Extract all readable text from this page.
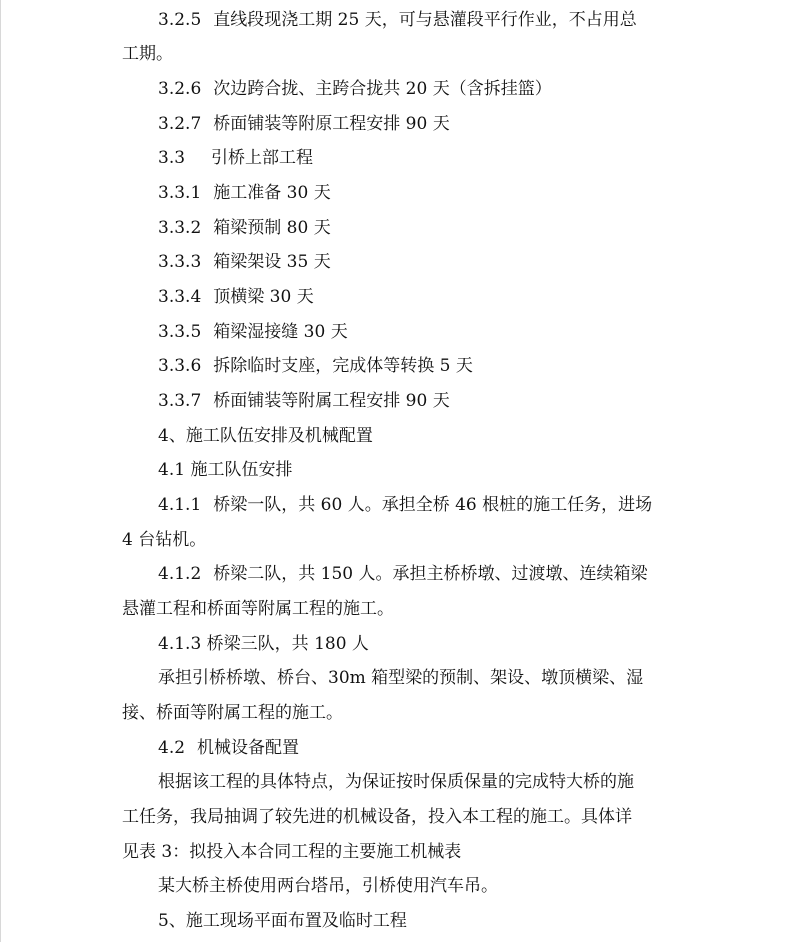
3.2.5 直线段现浇工期 25 天，可与悬灌段平行作业，不占用总
工期。
3.2.6 次边跨合拢、主跨合拢共 20 天（含拆挂篮）
3.2.7 桥面铺装等附原工程安排 90 天
3.3 引桥上部工程
3.3.1 施工准备 30 天
3.3.2 箱梁预制 80 天
3.3.3 箱梁架设 35 天
3.3.4 顶横梁 30 天
3.3.5 箱梁湿接缝 30 天
3.3.6 拆除临时支座，完成体等转换 5 天
3.3.7 桥面铺装等附属工程安排 90 天
4、施工队伍安排及机械配置
4.1 施工队伍安排
4.1.1 桥梁一队，共 60 人。承担全桥 46 根桩的施工任务，进场
4 台钻机。
4.1.2 桥梁二队，共 150 人。承担主桥桥墩、过渡墩、连续箱梁
悬灌工程和桥面等附属工程的施工。
4.1.3 桥梁三队，共 180 人
承担引桥桥墩、桥台、30m 箱型梁的预制、架设、墩顶横梁、湿
接、桥面等附属工程的施工。
4.2 机械设备配置
根据该工程的具体特点，为保证按时保质保量的完成特大桥的施
工任务，我局抽调了较先进的机械设备，投入本工程的施工。具体详
见表 3：拟投入本合同工程的主要施工机械表
某大桥主桥使用两台塔吊，引桥使用汽车吊。
5、施工现场平面布置及临时工程
